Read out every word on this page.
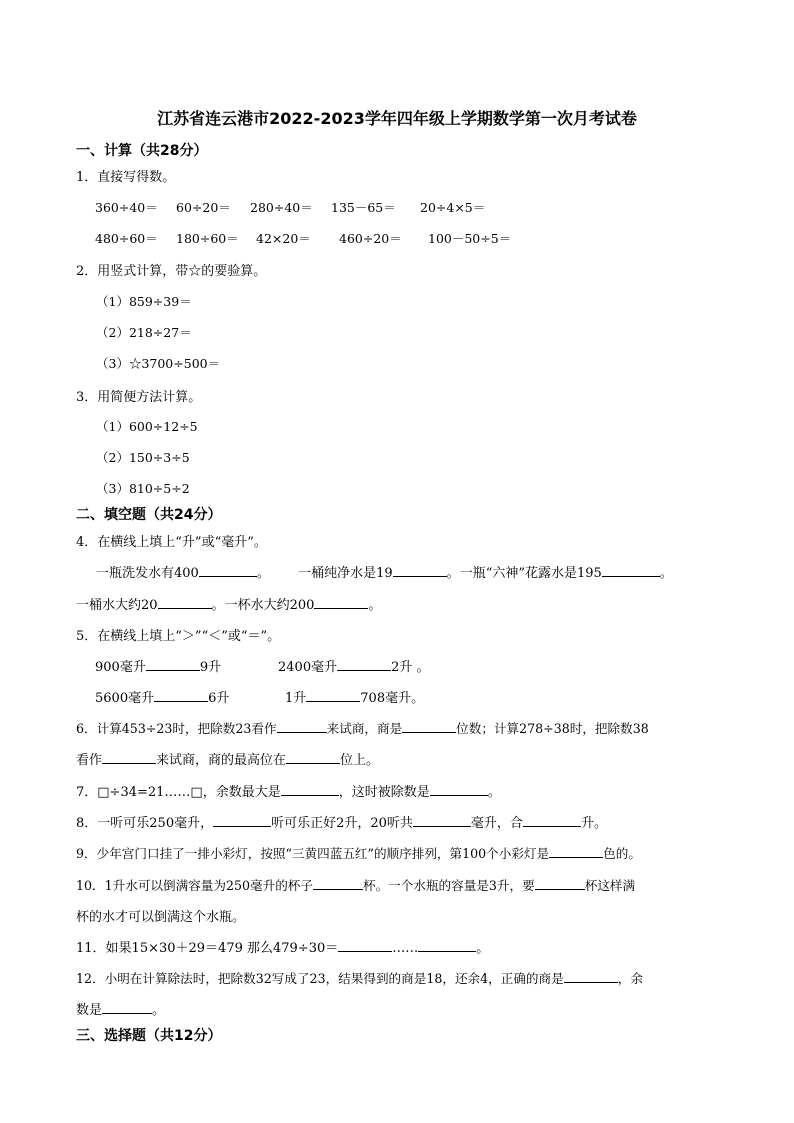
江苏省连云港市2022-2023学年四年级上学期数学第一次月考试卷
一、计算（共28分）
1．直接写得数。
360÷40＝ 60÷20＝ 280÷40＝ 135－65＝ 20÷4×5＝
480÷60＝ 180÷60＝ 42×20＝ 460÷20＝ 100－50÷5＝
2．用竖式计算，带☆的要验算。
（1）859÷39＝
（2）218÷27＝
（3）☆3700÷500＝
3．用简便方法计算。
（1）600÷12÷5
（2）150÷3÷5
（3）810÷5÷2
二、填空题（共24分）
4．在横线上填上“升”或“毫升”。
一瓶洗发水有400	。 一桶纯净水是19	。一瓶“六神”花露水是195	。
一桶水大约20	。一杯水大约200	。
5．在横线上填上“＞”“＜”或“＝”。
900毫升	9升	2400毫升	2升 。
5600毫升	6升	1升	708毫升。
6．计算453÷23时，把除数23看作	来试商，商是	位数；计算278÷38时，把除数38
看作	来试商，商的最高位在	位上。
7．□÷34=21……□，余数最大是	，这时被除数是	。
8．一听可乐250毫升，	听可乐正好2升，20听共	毫升，合	升。
9．少年宫门口挂了一排小彩灯，按照“三黄四蓝五红”的顺序排列，第100个小彩灯是	色的。
10．1升水可以倒满容量为250毫升的杯子	杯。一个水瓶的容量是3升，要	杯这样满
杯的水才可以倒满这个水瓶。
11．如果15×30＋29＝479 那么479÷30＝	……	。
12．小明在计算除法时，把除数32写成了23，结果得到的商是18，还余4，正确的商是	，余
数是	。
三、选择题（共12分）
